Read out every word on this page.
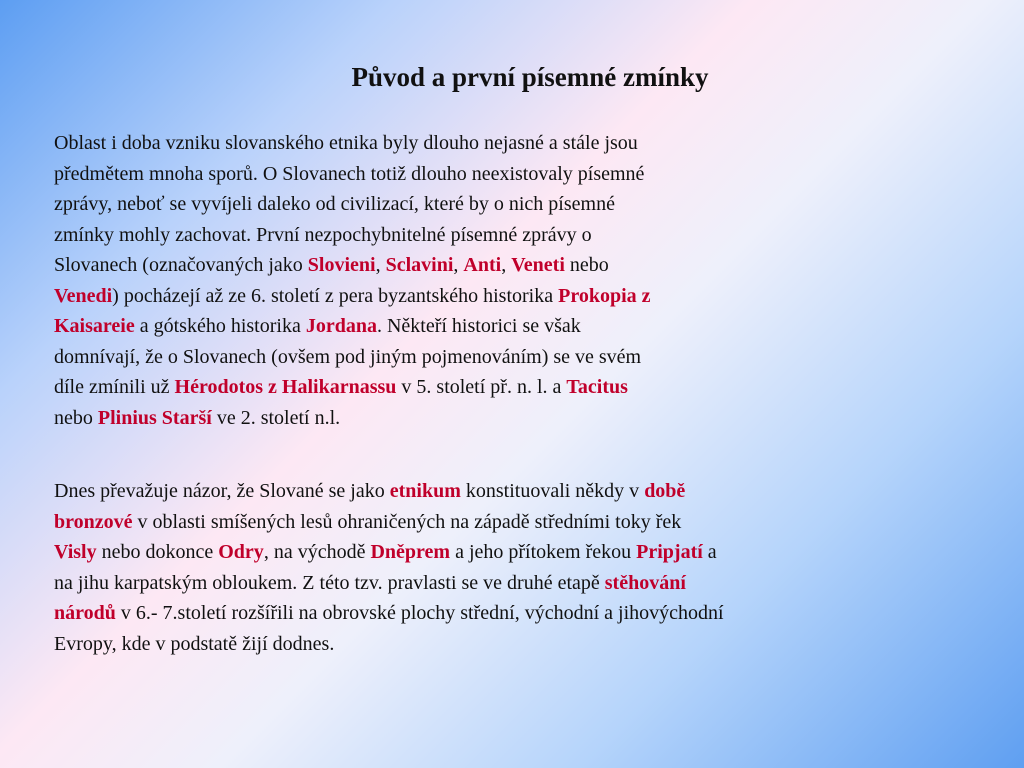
Původ a první písemné zmínky

Oblast i doba vzniku slovanského etnika byly dlouho nejasné a stále jsou
předmětem mnoha sporů. O Slovanech totiž dlouho neexistovaly písemné
zprávy, neboť se vyvíjeli daleko od civilizací, které by o nich písemné
zmínky mohly zachovat. První nezpochybnitelné písemné zprávy o
Slovanech (označovaných jako Slovieni, Sclavini, Anti, Veneti nebo
Venedi) pocházejí až ze 6. století z pera byzantského historika Prokopia z
Kaisareie a gótského historika Jordana. Někteří historici se však
domnívají, že o Slovanech (ovšem pod jiným pojmenováním) se ve svém
díle zmínili už Hérodotos z Halikarnassu v 5. století př. n. l. a Tacitus
nebo Plinius Starší ve 2. století n.l.

Dnes převažuje názor, že Slované se jako etnikum konstituovali někdy v době
bronzové v oblasti smíšených lesů ohraničených na západě středními toky řek
Visly nebo dokonce Odry, na východě Dněprem a jeho přítokem řekou Pripjatí a
na jihu karpatským obloukem. Z této tzv. pravlasti se ve druhé etapě stěhování
národů v 6.- 7.století rozšířili na obrovské plochy střední, východní a jihovýchodní
Evropy, kde v podstatě žijí dodnes.
